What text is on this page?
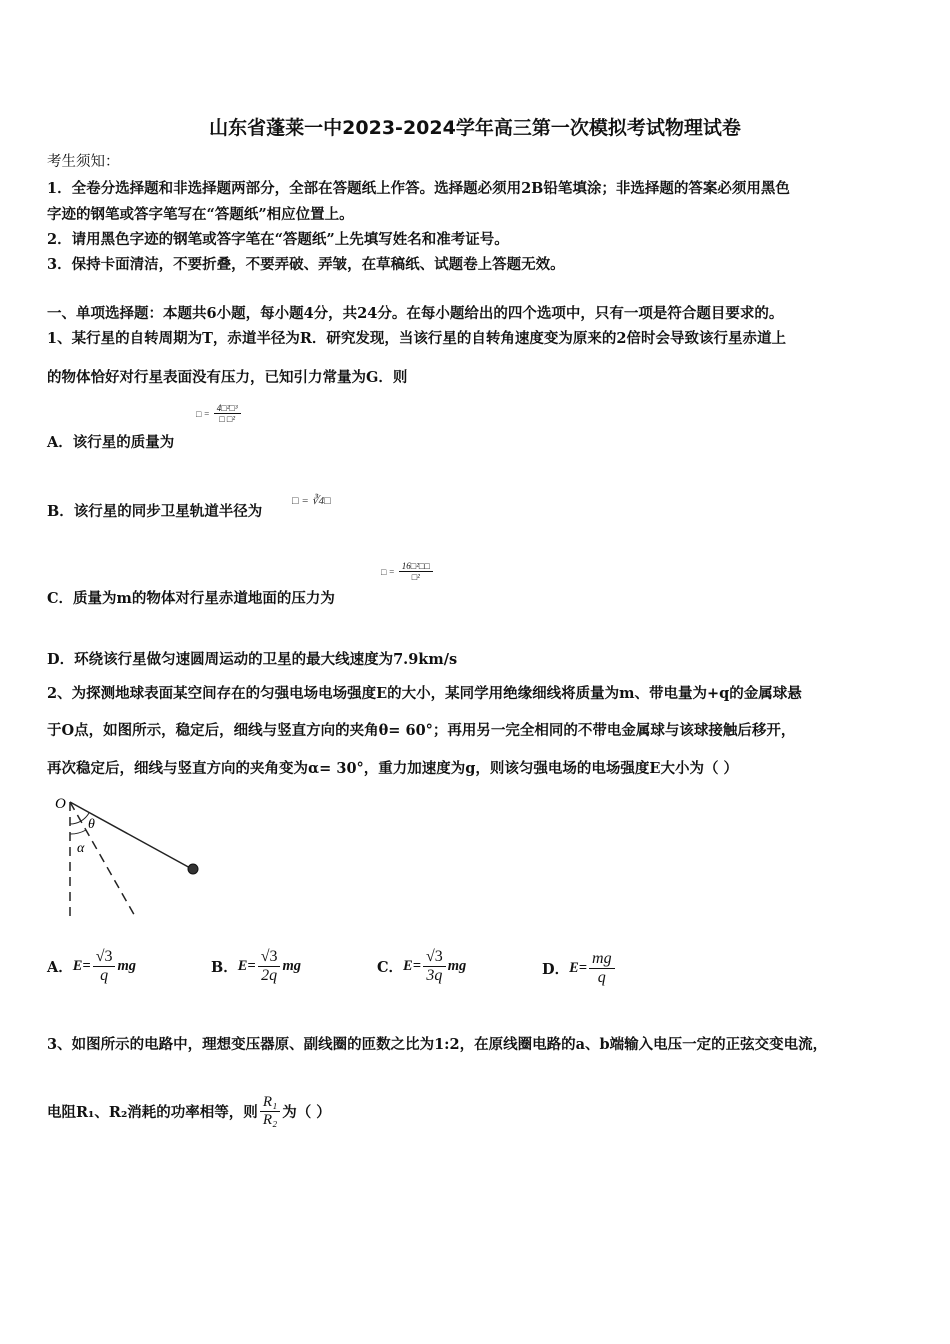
山东省蓬莱一中2023-2024学年高三第一次模拟考试物理试卷
考生须知：
1．全卷分选择题和非选择题两部分，全部在答题纸上作答。选择题必须用2B铅笔填涂；非选择题的答案必须用黑色
字迹的钢笔或答字笔写在“答题纸”相应位置上。
2．请用黑色字迹的钢笔或答字笔在“答题纸”上先填写姓名和准考证号。
3．保持卡面清洁，不要折叠，不要弄破、弄皱，在草稿纸、试题卷上答题无效。
一、单项选择题：本题共6小题，每小题4分，共24分。在每小题给出的四个选项中，只有一项是符合题目要求的。
1、某行星的自转周期为T，赤道半径为R．研究发现，当该行星的自转角速度变为原来的2倍时会导致该行星赤道上
的物体恰好对行星表面没有压力，已知引力常量为G．则
A．该行星的质量为
□ = $\frac{\text{4□²□³}}{\text{□ □²}}$
B．该行星的同步卫星轨道半径为
□ = ∛4□
C．质量为m的物体对行星赤道地面的压力为
□ = $\frac{\text{16□²□□}}{\text{□²}}$
D．环绕该行星做匀速圆周运动的卫星的最大线速度为7.9km/s
2、为探测地球表面某空间存在的匀强电场电场强度E的大小，某同学用绝缘细线将质量为m、带电量为+q的金属球悬
于O点，如图所示，稳定后，细线与竖直方向的夹角θ= 60°；再用另一完全相同的不带电金属球与该球接触后移开，
再次稳定后，细线与竖直方向的夹角变为α= 30°，重力加速度为g，则该匀强电场的电场强度E大小为（ ）
O
θ
α
A． $E= \frac{√3}{q}$ mg	B． $E= \frac{√3}{2q}$ mg	C． $E= \frac{√3}{3q}$ mg	D． $E= \frac{mg}{q}$
3、如图所示的电路中，理想变压器原、副线圈的匝数之比为1:2，在原线圈电路的a、b端输入电压一定的正弦交变电流，
电阻R₁、R₂消耗的功率相等，则 $\frac{\text{R₁}}{\text{R₂}}$ 为（ ）
